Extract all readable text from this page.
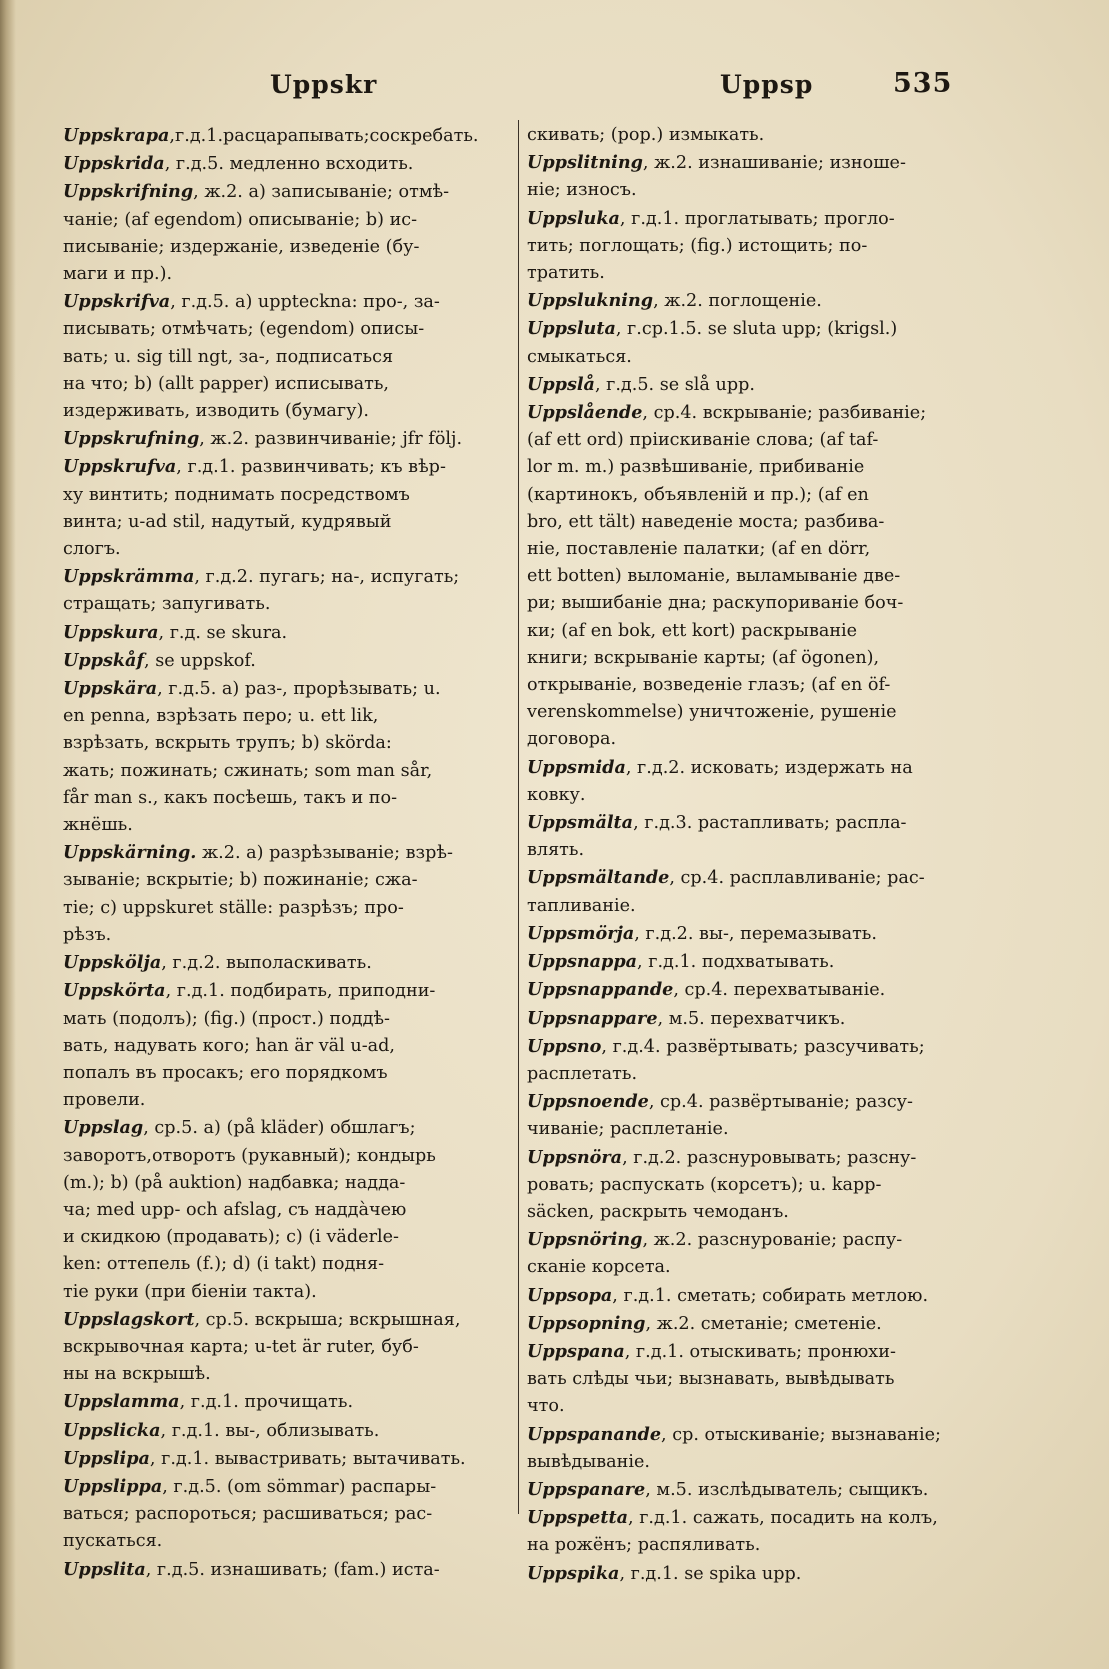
Uppskr	Uppsp	535
Uppskrapa,г.д.1.расцарапывать;соскребать.
Uppskrida, г.д.5. медленно всходить.
Uppskrifning, ж.2. a) записываніе; отмѣ-
чаніе; (af egendom) описываніе; b) ис-
писываніе; издержаніе, изведеніе (бу-
маги и пр.).
Uppskrifva, г.д.5. a) uppteckna: про-, за-
писывать; отмѣчать; (egendom) описы-
вать; u. sig till ngt, за-, подписаться
на что; b) (allt papper) исписывать,
издерживать, изводить (бумагу).
Uppskrufning, ж.2. развинчиваніе; jfr följ.
Uppskrufva, г.д.1. развинчивать; къ вѣр-
ху винтить; поднимать посредствомъ
винта; u-ad stil, надутый, кудрявый
слогъ.
Uppskrämma, г.д.2. пугагь; на-, испугать;
стращать; запугивать.
Uppskura, г.д. se skura.
Uppskåf, se uppskof.
Uppskära, г.д.5. a) раз-, прорѣзывать; u.
en penna, взрѣзать перо; u. ett lik,
взрѣзать, вскрыть трупъ; b) skörda:
жать; пожинать; сжинать; som man sår,
får man s., какъ посѣешь, такъ и по-
жнёшь.
Uppskärning. ж.2. a) разрѣзываніе; взрѣ-
зываніе; вскрытіе; b) пожинаніе; сжа-
тіе; c) uppskuret ställe: разрѣзъ; про-
рѣзъ.
Uppsköljа, г.д.2. выполаскивать.
Uppskörta, г.д.1. подбирать, приподни-
мать (подолъ); (fig.) (прост.) поддѣ-
вать, надувать кого; han är väl u-ad,
попалъ въ просакъ; его порядкомъ
провели.
Uppslag, ср.5. a) (på kläder) обшлагъ;
заворотъ,отворотъ (рукавный); кондырь
(m.); b) (på auktion) надбавка; надда-
ча; med upp- och afslag, съ надда̀чею
и скидкою (продавать); c) (i väderle-
ken: оттепель (f.); d) (i takt) подня-
тіе руки (при біеніи такта).
Uppslagskort, ср.5. вскрыша; вскрышная,
вскрывочная карта; u-tet är ruter, буб-
ны на вскрышѣ.
Uppslamma, г.д.1. прочищать.
Uppslicka, г.д.1. вы-, облизывать.
Uppslipa, г.д.1. вывастривать; вытачивать.
Uppslippa, г.д.5. (om sömmar) распары-
ваться; распороться; расшиваться; рас-
пускаться.
Uppslita, г.д.5. изнашивать; (fam.) иста-
скивать; (pop.) измыкать.
Uppslitning, ж.2. изнашиваніе; изноше-
ніе; износъ.
Uppsluka, г.д.1. проглатывать; прогло-
тить; поглощать; (fig.) истощить; по-
тратить.
Uppslukning, ж.2. поглощеніе.
Uppsluta, г.ср.1.5. se sluta upp; (krigsl.)
смыкаться.
Uppslå, г.д.5. se slå upp.
Uppslående, ср.4. вскрываніе; разбиваніе;
(af ett ord) пріискиваніе слова; (af taf-
lor m. m.) развѣшиваніе, прибиваніе
(картинокъ, объявленій и пр.); (af en
bro, ett tält) наведеніе моста; разбива-
ніе, поставленіе палатки; (af en dörr,
ett botten) выломаніе, выламываніе две-
ри; вышибаніе дна; раскупориваніе боч-
ки; (af en bok, ett kort) раскрываніе
книги; вскрываніе карты; (af ögonen),
открываніе, возведеніе глазъ; (af en öf-
verenskommelse) уничтоженіе, рушеніе
договора.
Uppsmida, г.д.2. исковать; издержать на
ковку.
Uppsmälta, г.д.3. растапливать; распла-
влять.
Uppsmältande, ср.4. расплавливаніе; рас-
тапливаніе.
Uppsmörja, г.д.2. вы-, перемазывать.
Uppsnappa, г.д.1. подхватывать.
Uppsnappande, ср.4. перехватываніе.
Uppsnappare, м.5. перехватчикъ.
Uppsno, г.д.4. развёртывать; разсучивать;
расплетать.
Uppsnoende, ср.4. развёртываніе; разсу-
чиваніе; расплетаніе.
Uppsnöra, г.д.2. разснуровывать; разсну-
ровать; распускать (корсетъ); u. kapp-
säcken, раскрыть чемоданъ.
Uppsnöring, ж.2. разснурованіе; распу-
сканіе корсета.
Uppsopa, г.д.1. сметать; собирать метлою.
Uppsopning, ж.2. сметаніе; сметеніе.
Uppspana, г.д.1. отыскивать; пронюхи-
вать слѣды чьи; вызнавать, вывѣдывать
что.
Uppspanande, ср. отыскиваніе; вызнаваніе;
вывѣдываніе.
Uppspanare, м.5. изслѣдыватель; сыщикъ.
Uppspetta, г.д.1. сажать, посадить на колъ,
на рожёнъ; распяливать.
Uppspika, г.д.1. se spika upp.
